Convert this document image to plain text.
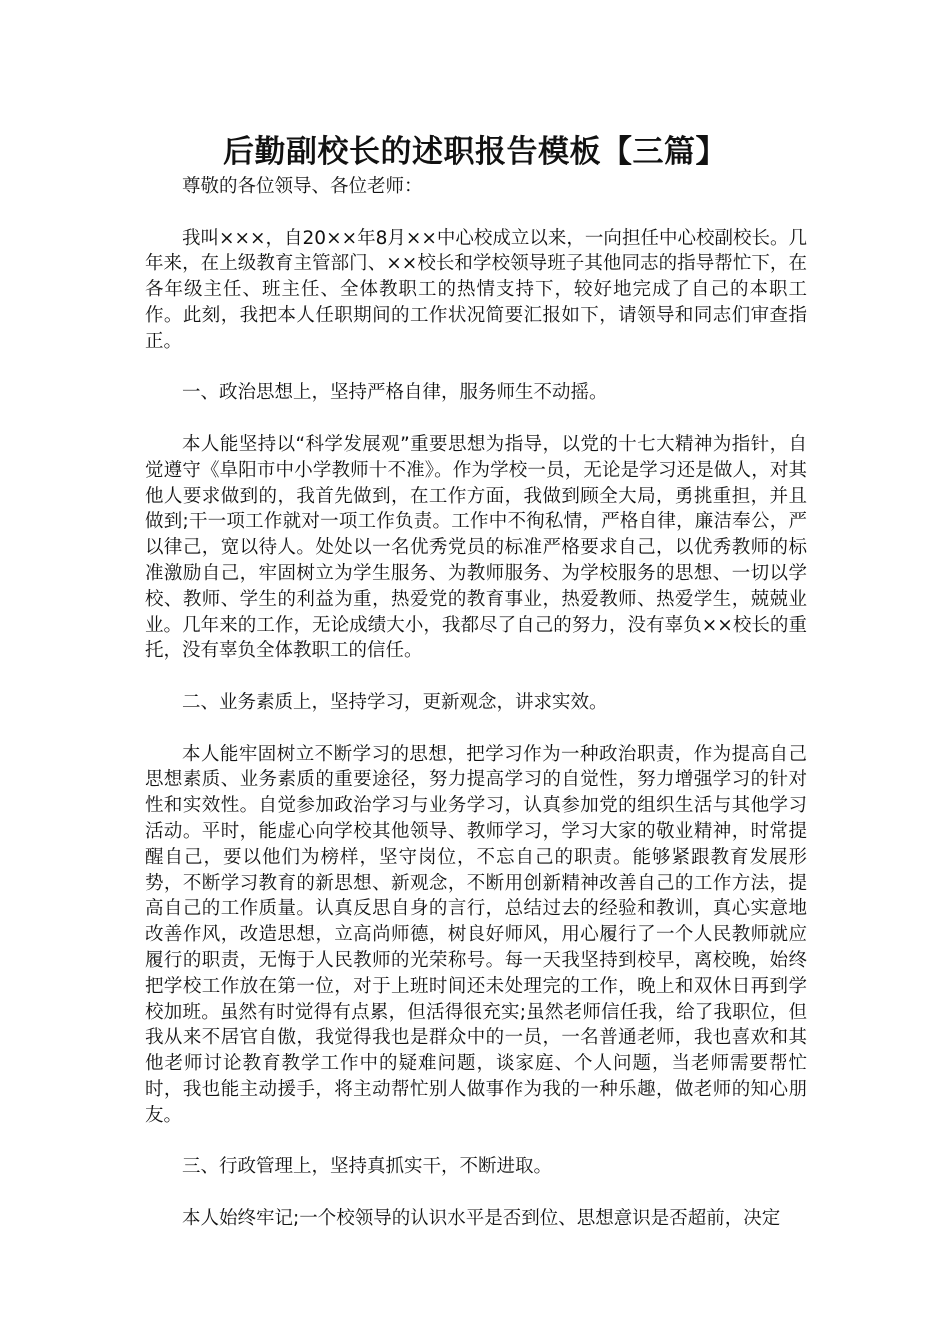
后勤副校长的述职报告模板【三篇】

尊敬的各位领导、各位老师：

我叫×××，自20××年8月××中心校成立以来，一向担任中心校副校长。几年来，在上级教育主管部门、××校长和学校领导班子其他同志的指导帮忙下，在各年级主任、班主任、全体教职工的热情支持下，较好地完成了自己的本职工作。此刻，我把本人任职期间的工作状况简要汇报如下，请领导和同志们审查指正。

一、政治思想上，坚持严格自律，服务师生不动摇。

本人能坚持以“科学发展观”重要思想为指导，以党的十七大精神为指针，自觉遵守《阜阳市中小学教师十不准》。作为学校一员，无论是学习还是做人，对其他人要求做到的，我首先做到，在工作方面，我做到顾全大局，勇挑重担，并且做到;干一项工作就对一项工作负责。工作中不徇私情，严格自律，廉洁奉公，严以律己，宽以待人。处处以一名优秀党员的标准严格要求自己，以优秀教师的标准激励自己，牢固树立为学生服务、为教师服务、为学校服务的思想、一切以学校、教师、学生的利益为重，热爱党的教育事业，热爱教师、热爱学生，兢兢业业。几年来的工作，无论成绩大小，我都尽了自己的努力，没有辜负××校长的重托，没有辜负全体教职工的信任。

二、业务素质上，坚持学习，更新观念，讲求实效。

本人能牢固树立不断学习的思想，把学习作为一种政治职责，作为提高自己思想素质、业务素质的重要途径，努力提高学习的自觉性，努力增强学习的针对性和实效性。自觉参加政治学习与业务学习，认真参加党的组织生活与其他学习活动。平时，能虚心向学校其他领导、教师学习，学习大家的敬业精神，时常提醒自己，要以他们为榜样，坚守岗位，不忘自己的职责。能够紧跟教育发展形势，不断学习教育的新思想、新观念，不断用创新精神改善自己的工作方法，提高自己的工作质量。认真反思自身的言行，总结过去的经验和教训，真心实意地改善作风，改造思想，立高尚师德，树良好师风，用心履行了一个人民教师就应履行的职责，无悔于人民教师的光荣称号。每一天我坚持到校早，离校晚，始终把学校工作放在第一位，对于上班时间还未处理完的工作，晚上和双休日再到学校加班。虽然有时觉得有点累，但活得很充实;虽然老师信任我，给了我职位，但我从来不居官自傲，我觉得我也是群众中的一员，一名普通老师，我也喜欢和其他老师讨论教育教学工作中的疑难问题，谈家庭、个人问题，当老师需要帮忙时，我也能主动援手，将主动帮忙别人做事作为我的一种乐趣，做老师的知心朋友。

三、行政管理上，坚持真抓实干，不断进取。

本人始终牢记;一个校领导的认识水平是否到位、思想意识是否超前，决定
